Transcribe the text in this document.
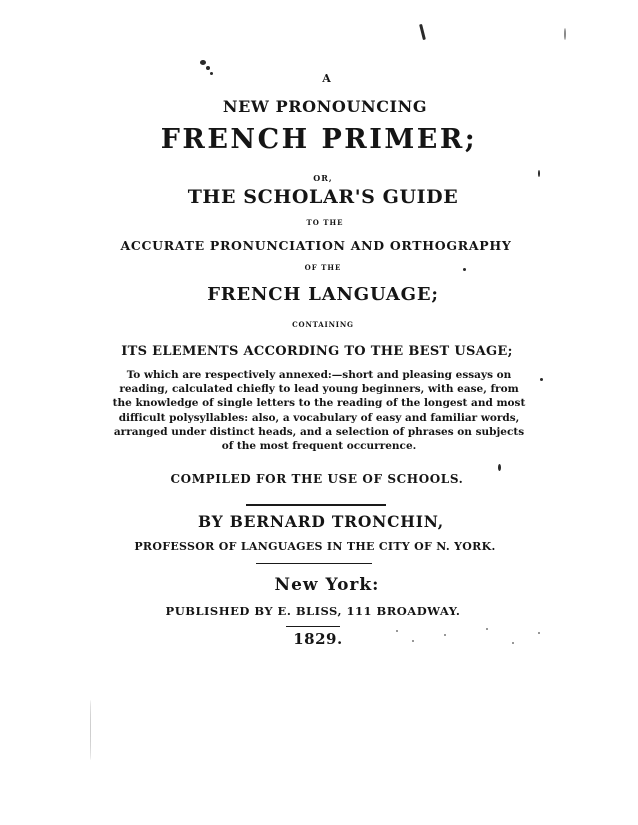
A
NEW PRONOUNCING
FRENCH PRIMER;
OR,
THE SCHOLAR'S GUIDE
TO THE
ACCURATE PRONUNCIATION AND ORTHOGRAPHY
OF THE
FRENCH LANGUAGE;
CONTAINING
ITS ELEMENTS ACCORDING TO THE BEST USAGE;
To which are respectively annexed:—short and pleasing essays on reading, calculated chiefly to lead young beginners, with ease, from the knowledge of single letters to the reading of the longest and most difficult polysyllables: also, a vocabulary of easy and familiar words, arranged under distinct heads, and a selection of phrases on subjects of the most frequent occurrence.
COMPILED FOR THE USE OF SCHOOLS.
BY BERNARD TRONCHIN,
PROFESSOR OF LANGUAGES IN THE CITY OF N. YORK.
New York:
PUBLISHED BY E. BLISS, 111 BROADWAY.
1829.
